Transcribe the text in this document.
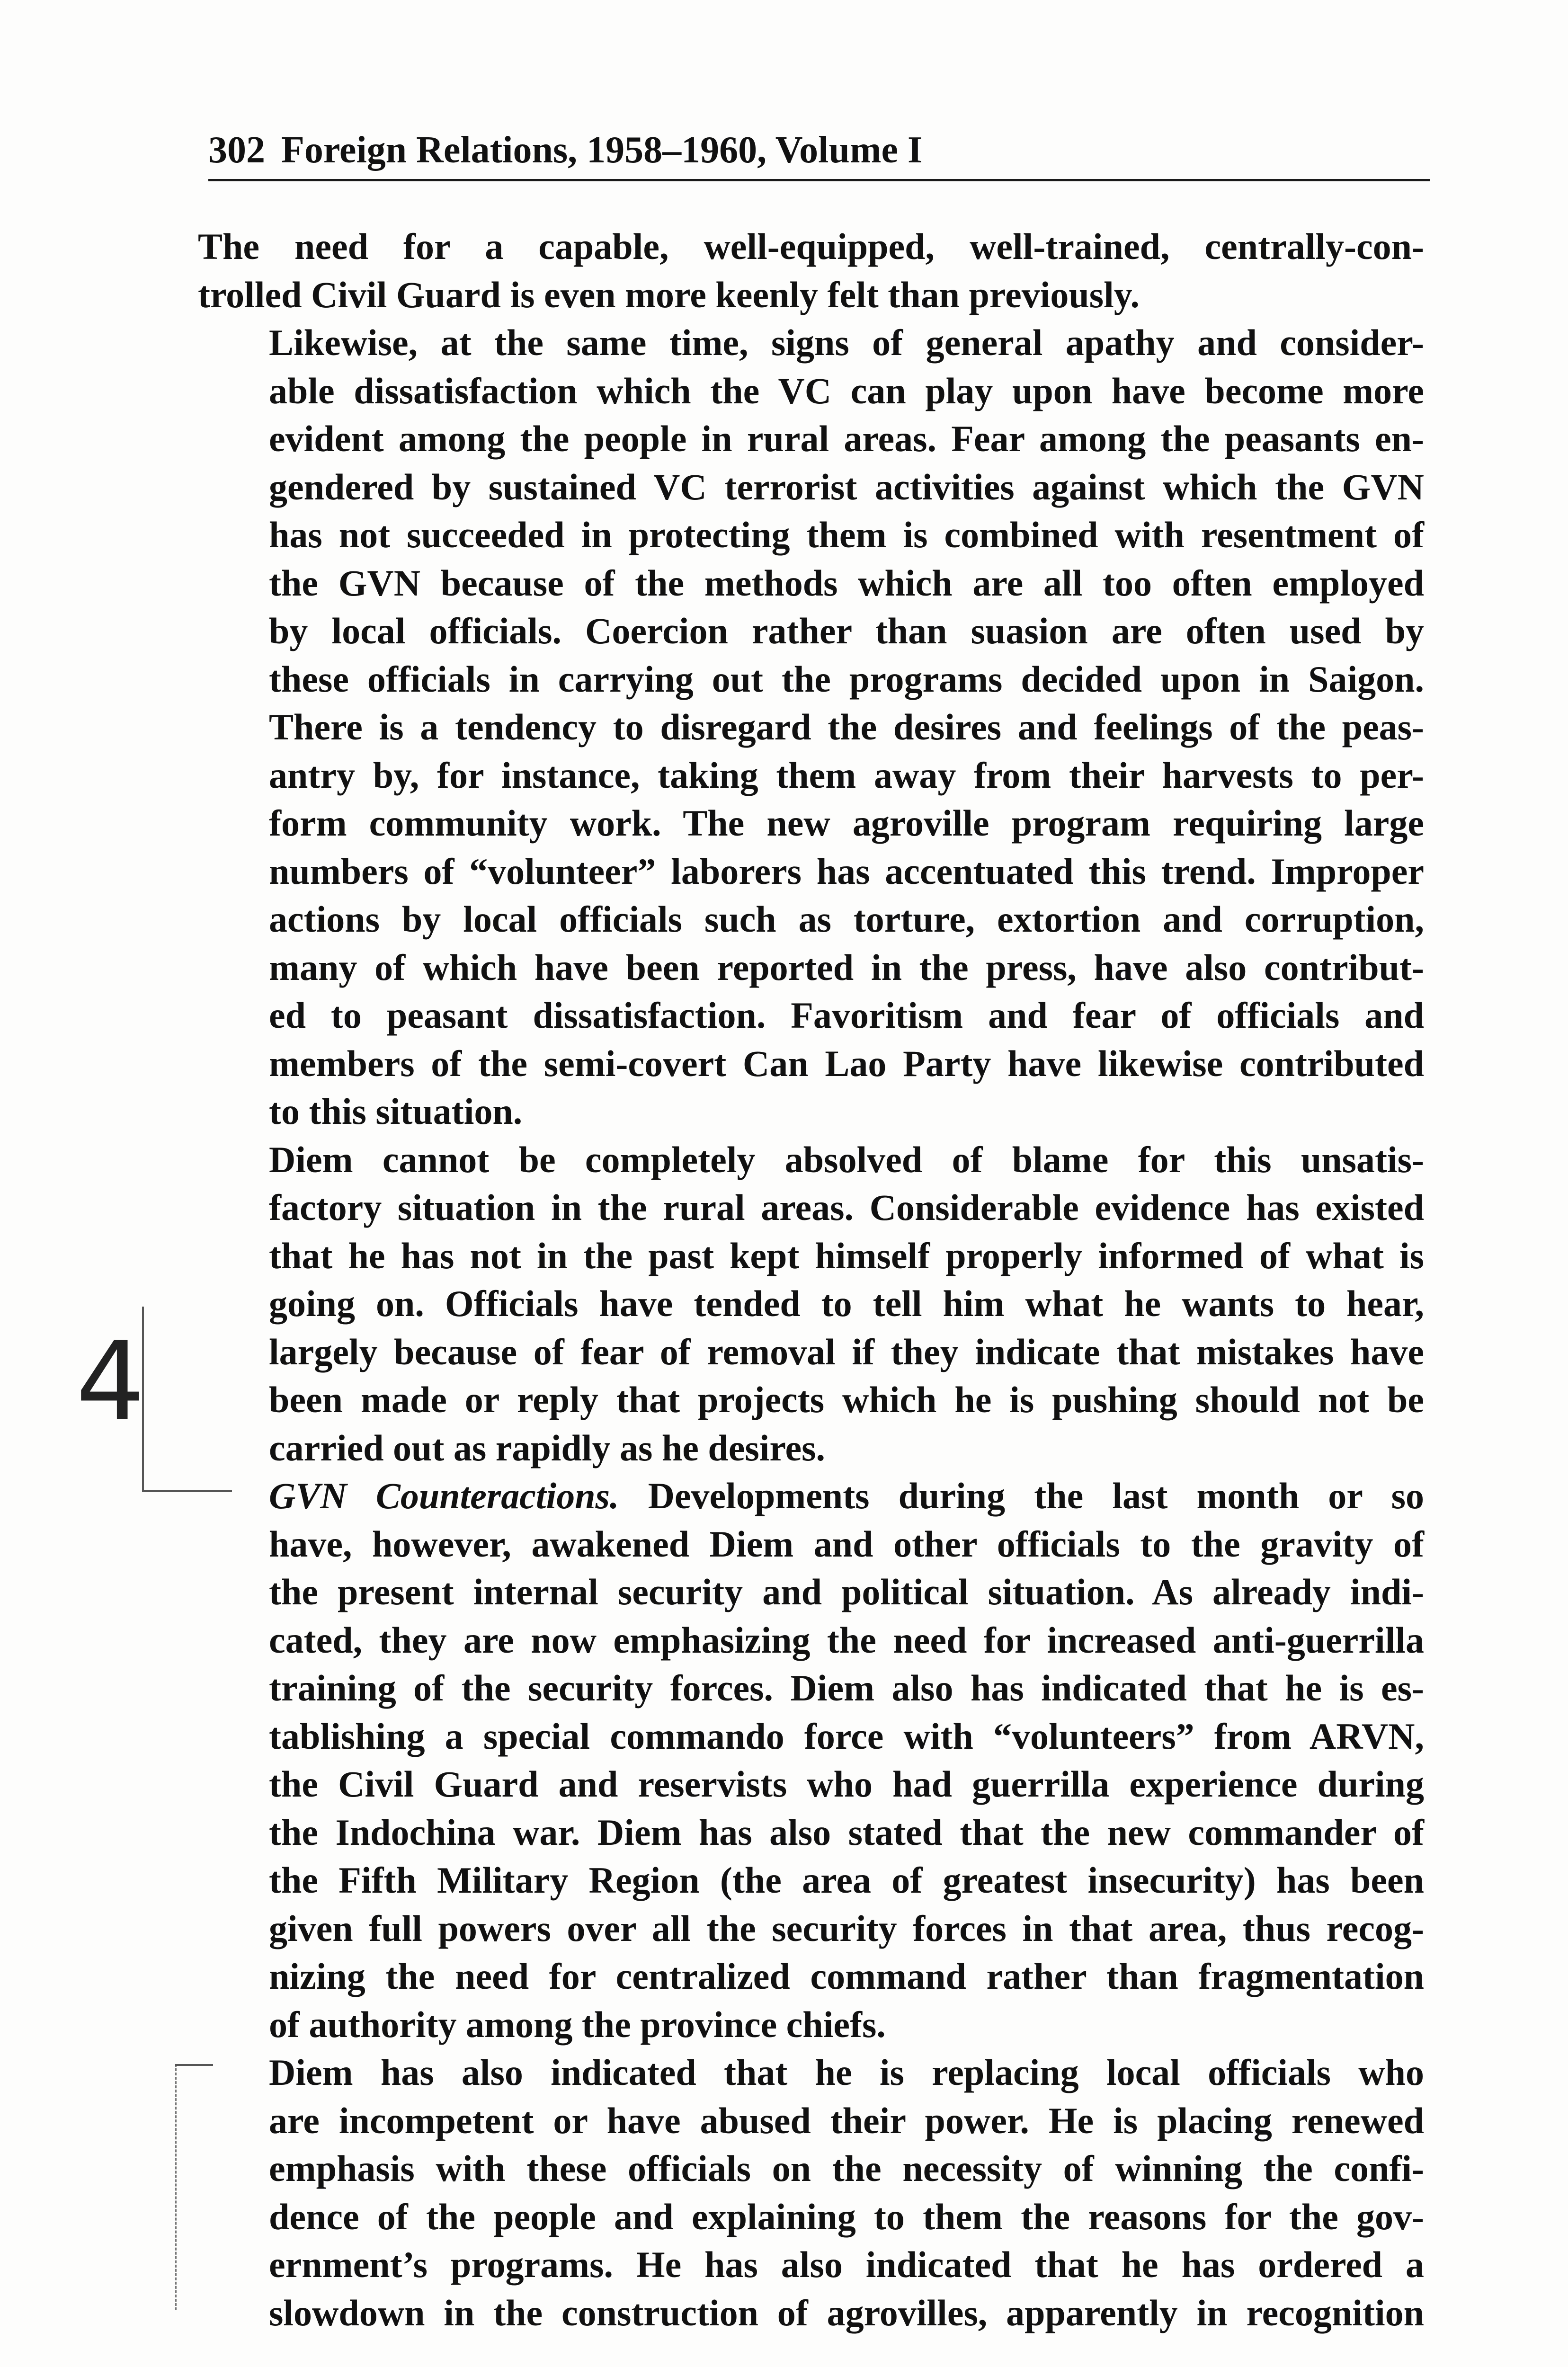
302 Foreign Relations, 1958–1960, Volume I
4

The need for a capable, well-equipped, well-trained, centrally-con-
trolled Civil Guard is even more keenly felt than previously.

Likewise, at the same time, signs of general apathy and consider-
able dissatisfaction which the VC can play upon have become more
evident among the people in rural areas. Fear among the peasants en-
gendered by sustained VC terrorist activities against which the GVN
has not succeeded in protecting them is combined with resentment of
the GVN because of the methods which are all too often employed
by local officials. Coercion rather than suasion are often used by
these officials in carrying out the programs decided upon in Saigon.
There is a tendency to disregard the desires and feelings of the peas-
antry by, for instance, taking them away from their harvests to per-
form community work. The new agroville program requiring large
numbers of “volunteer” laborers has accentuated this trend. Improper
actions by local officials such as torture, extortion and corruption,
many of which have been reported in the press, have also contribut-
ed to peasant dissatisfaction. Favoritism and fear of officials and
members of the semi-covert Can Lao Party have likewise contributed
to this situation.

Diem cannot be completely absolved of blame for this unsatis-
factory situation in the rural areas. Considerable evidence has existed
that he has not in the past kept himself properly informed of what is
going on. Officials have tended to tell him what he wants to hear,
largely because of fear of removal if they indicate that mistakes have
been made or reply that projects which he is pushing should not be
carried out as rapidly as he desires.

GVN Counteractions. Developments during the last month or so
have, however, awakened Diem and other officials to the gravity of
the present internal security and political situation. As already indi-
cated, they are now emphasizing the need for increased anti-guerrilla
training of the security forces. Diem also has indicated that he is es-
tablishing a special commando force with “volunteers” from ARVN,
the Civil Guard and reservists who had guerrilla experience during
the Indochina war. Diem has also stated that the new commander of
the Fifth Military Region (the area of greatest insecurity) has been
given full powers over all the security forces in that area, thus recog-
nizing the need for centralized command rather than fragmentation
of authority among the province chiefs.

Diem has also indicated that he is replacing local officials who
are incompetent or have abused their power. He is placing renewed
emphasis with these officials on the necessity of winning the confi-
dence of the people and explaining to them the reasons for the gov-
ernment’s programs. He has also indicated that he has ordered a
slowdown in the construction of agrovilles, apparently in recognition
